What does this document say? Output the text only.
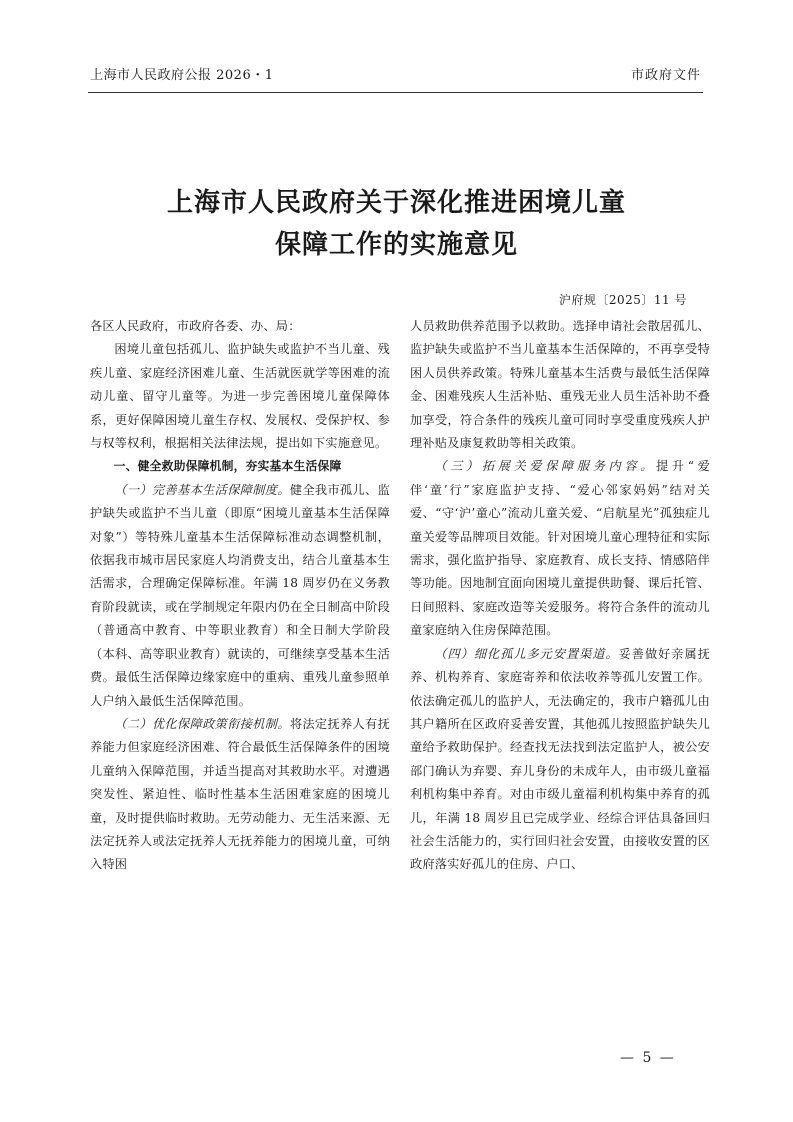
上海市人民政府公报 2026・1	市政府文件
上海市人民政府关于深化推进困境儿童
保障工作的实施意见
沪府规〔2025〕11 号

各区人民政府，市政府各委、办、局：

困境儿童包括孤儿、监护缺失或监护不当儿童、残疾儿童、家庭经济困难儿童、生活就医就学等困难的流动儿童、留守儿童等。为进一步完善困境儿童保障体系，更好保障困境儿童生存权、发展权、受保护权、参与权等权利，根据相关法律法规，提出如下实施意见。

一、健全救助保障机制，夯实基本生活保障

（一）完善基本生活保障制度。健全我市孤儿、监护缺失或监护不当儿童（即原“困境儿童基本生活保障对象”）等特殊儿童基本生活保障标准动态调整机制，依据我市城市居民家庭人均消费支出，结合儿童基本生活需求，合理确定保障标准。年满 18 周岁仍在义务教育阶段就读，或在学制规定年限内仍在全日制高中阶段（普通高中教育、中等职业教育）和全日制大学阶段（本科、高等职业教育）就读的，可继续享受基本生活费。最低生活保障边缘家庭中的重病、重残儿童参照单人户纳入最低生活保障范围。

（二）优化保障政策衔接机制。将法定抚养人有抚养能力但家庭经济困难、符合最低生活保障条件的困境儿童纳入保障范围，并适当提高对其救助水平。对遭遇突发性、紧迫性、临时性基本生活困难家庭的困境儿童，及时提供临时救助。无劳动能力、无生活来源、无法定抚养人或法定抚养人无抚养能力的困境儿童，可纳入特困

人员救助供养范围予以救助。选择申请社会散居孤儿、监护缺失或监护不当儿童基本生活保障的，不再享受特困人员供养政策。特殊儿童基本生活费与最低生活保障金、困难残疾人生活补贴、重残无业人员生活补助不叠加享受，符合条件的残疾儿童可同时享受重度残疾人护理补贴及康复救助等相关政策。

（三）拓展关爱保障服务内容。提升“爱伴‘童’行”家庭监护支持、“爱心邻家妈妈”结对关爱、“守‘沪’童心”流动儿童关爱、“启航星光”孤独症儿童关爱等品牌项目效能。针对困境儿童心理特征和实际需求，强化监护指导、家庭教育、成长支持、情感陪伴等功能。因地制宜面向困境儿童提供助餐、课后托管、日间照料、家庭改造等关爱服务。将符合条件的流动儿童家庭纳入住房保障范围。

（四）细化孤儿多元安置渠道。妥善做好亲属抚养、机构养育、家庭寄养和依法收养等孤儿安置工作。依法确定孤儿的监护人，无法确定的，我市户籍孤儿由其户籍所在区政府妥善安置，其他孤儿按照监护缺失儿童给予救助保护。经查找无法找到法定监护人，被公安部门确认为弃婴、弃儿身份的未成年人，由市级儿童福利机构集中养育。对由市级儿童福利机构集中养育的孤儿，年满 18 周岁且已完成学业、经综合评估具备回归社会生活能力的，实行回归社会安置，由接收安置的区政府落实好孤儿的住房、户口、

— 5 —
